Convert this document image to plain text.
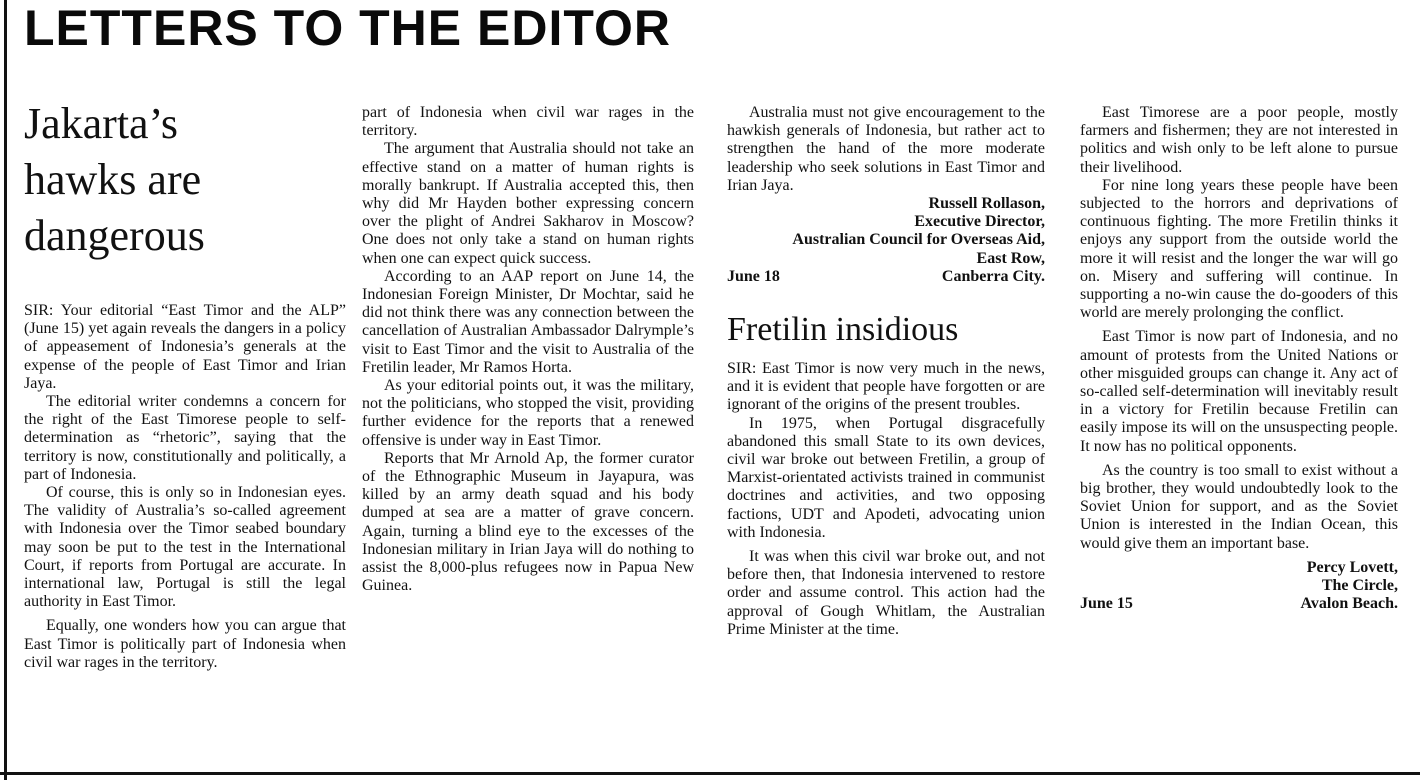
LETTERS TO THE EDITOR
Jakarta’s
hawks are
dangerous

SIR: Your editorial “East Timor and the ALP” (June 15) yet again reveals the dangers in a policy of appeasement of Indonesia’s generals at the expense of the people of East Timor and Irian Jaya.

The editorial writer condemns a concern for the right of the East Timorese people to self-determination as “rhetoric”, saying that the territory is now, constitutionally and politically, a part of Indonesia.

Of course, this is only so in Indonesian eyes. The validity of Australia’s so-called agreement with Indonesia over the Timor seabed boundary may soon be put to the test in the International Court, if reports from Portugal are accurate. In international law, Portugal is still the legal authority in East Timor.

Equally, one wonders how you can argue that East Timor is politically part of Indonesia when civil war rages in the territory.

part of Indonesia when civil war rages in the territory.

The argument that Australia should not take an effective stand on a matter of human rights is morally bankrupt. If Australia accepted this, then why did Mr Hayden bother expressing concern over the plight of Andrei Sakharov in Moscow? One does not only take a stand on human rights when one can expect quick success.

According to an AAP report on June 14, the Indonesian Foreign Minister, Dr Mochtar, said he did not think there was any connection between the cancellation of Australian Ambassador Dalrymple’s visit to East Timor and the visit to Australia of the Fretilin leader, Mr Ramos Horta.

As your editorial points out, it was the military, not the politicians, who stopped the visit, providing further evidence for the reports that a renewed offensive is under way in East Timor.

Reports that Mr Arnold Ap, the former curator of the Ethnographic Museum in Jayapura, was killed by an army death squad and his body dumped at sea are a matter of grave concern. Again, turning a blind eye to the excesses of the Indonesian military in Irian Jaya will do nothing to assist the 8,000-plus refugees now in Papua New Guinea.

Australia must not give encouragement to the hawkish generals of Indonesia, but rather act to strengthen the hand of the more moderate leadership who seek solutions in East Timor and Irian Jaya.

Russell Rollason,

Executive Director,

Australian Council for Overseas Aid,

East Row,

June 18	Canberra City.
Fretilin insidious

SIR: East Timor is now very much in the news, and it is evident that people have forgotten or are ignorant of the origins of the present troubles.

In 1975, when Portugal disgracefully abandoned this small State to its own devices, civil war broke out between Fretilin, a group of Marxist-orientated activists trained in communist doctrines and activities, and two opposing factions, UDT and Apodeti, advocating union with Indonesia.

It was when this civil war broke out, and not before then, that Indonesia intervened to restore order and assume control. This action had the approval of Gough Whitlam, the Australian Prime Minister at the time.

East Timorese are a poor people, mostly farmers and fishermen; they are not interested in politics and wish only to be left alone to pursue their livelihood.

For nine long years these people have been subjected to the horrors and deprivations of continuous fighting. The more Fretilin thinks it enjoys any support from the outside world the more it will resist and the longer the war will go on. Misery and suffering will continue. In supporting a no-win cause the do-gooders of this world are merely prolonging the conflict.

East Timor is now part of Indonesia, and no amount of protests from the United Nations or other misguided groups can change it. Any act of so-called self-determination will inevitably result in a victory for Fretilin because Fretilin can easily impose its will on the unsuspecting people. It now has no political opponents.

As the country is too small to exist without a big brother, they would undoubtedly look to the Soviet Union for support, and as the Soviet Union is interested in the Indian Ocean, this would give them an important base.

Percy Lovett,

The Circle,

June 15	Avalon Beach.
